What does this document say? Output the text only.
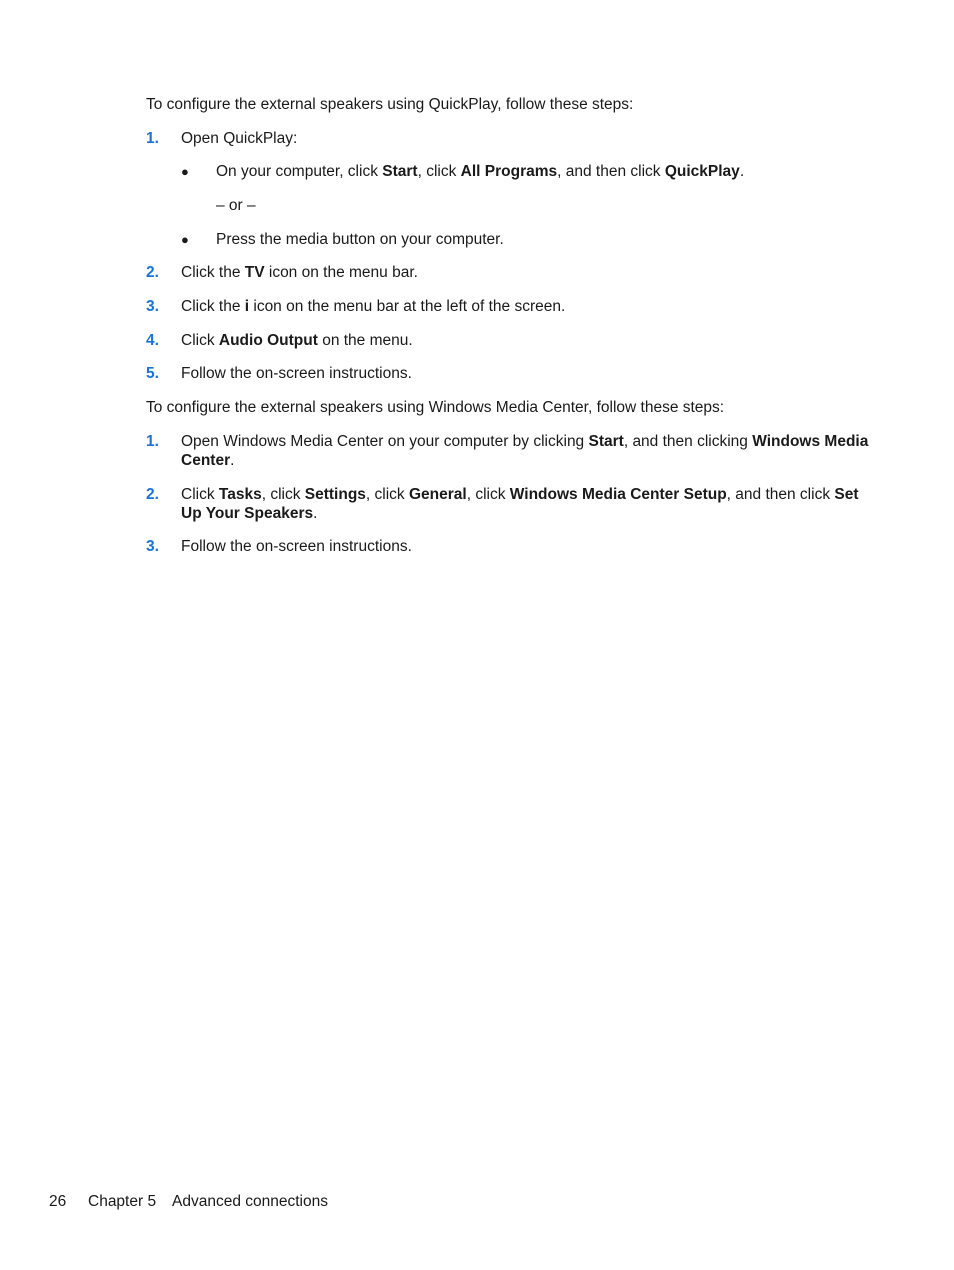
To configure the external speakers using QuickPlay, follow these steps:

1. Open QuickPlay:
● On your computer, click Start, click All Programs, and then click QuickPlay.
– or –
● Press the media button on your computer.
2. Click the TV icon on the menu bar.
3. Click the i icon on the menu bar at the left of the screen.
4. Click Audio Output on the menu.
5. Follow the on-screen instructions.

To configure the external speakers using Windows Media Center, follow these steps:

1. Open Windows Media Center on your computer by clicking Start, and then clicking Windows Media Center.
2. Click Tasks, click Settings, click General, click Windows Media Center Setup, and then click Set Up Your Speakers.
3. Follow the on-screen instructions.
26 Chapter 5 Advanced connections
